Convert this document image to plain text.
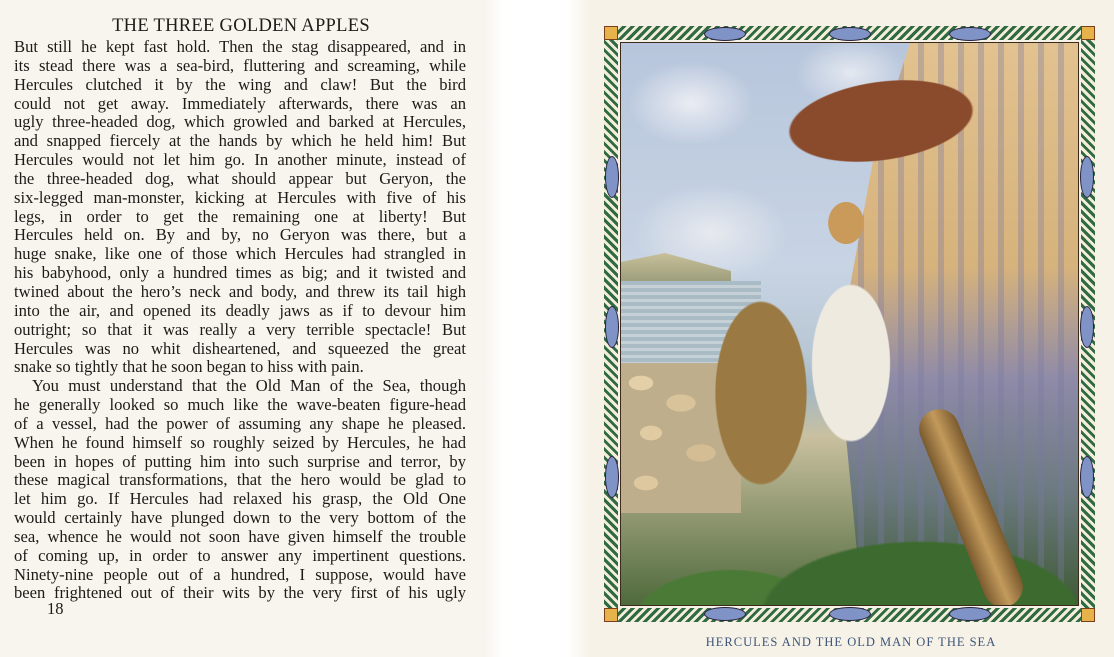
THE THREE GOLDEN APPLES
But still he kept fast hold. Then the stag disappeared, and in
its stead there was a sea-bird, fluttering and screaming, while
Hercules clutched it by the wing and claw! But the bird
could not get away. Immediately afterwards, there was an
ugly three-headed dog, which growled and barked at Hercules,
and snapped fiercely at the hands by which he held him! But
Hercules would not let him go. In another minute, instead of
the three-headed dog, what should appear but Geryon, the
six-legged man-monster, kicking at Hercules with five of his
legs, in order to get the remaining one at liberty! But
Hercules held on. By and by, no Geryon was there, but a
huge snake, like one of those which Hercules had strangled in
his babyhood, only a hundred times as big; and it twisted and
twined about the hero’s neck and body, and threw its tail high
into the air, and opened its deadly jaws as if to devour him
outright; so that it was really a very terrible spectacle! But
Hercules was no whit disheartened, and squeezed the great
snake so tightly that he soon began to hiss with pain.
You must understand that the Old Man of the Sea, though
he generally looked so much like the wave-beaten figure-head
of a vessel, had the power of assuming any shape he pleased.
When he found himself so roughly seized by Hercules, he had
been in hopes of putting him into such surprise and terror, by
these magical transformations, that the hero would be glad to
let him go. If Hercules had relaxed his grasp, the Old One
would certainly have plunged down to the very bottom of the
sea, whence he would not soon have given himself the trouble
of coming up, in order to answer any impertinent questions.
Ninety-nine people out of a hundred, I suppose, would have
been frightened out of their wits by the very first of his ugly
18
HERCULES AND THE OLD MAN OF THE SEA
